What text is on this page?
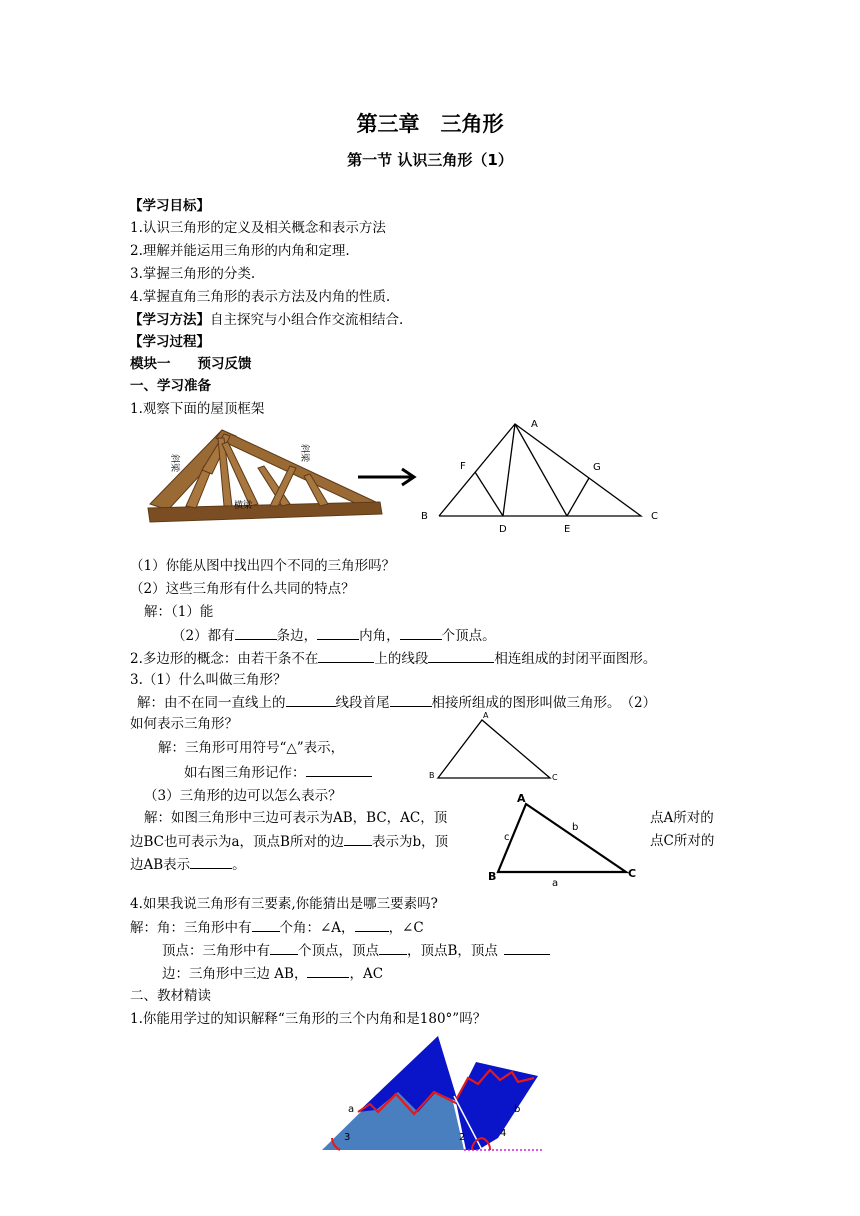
第三章　三角形
第一节 认识三角形（1）
【学习目标】
1.认识三角形的定义及相关概念和表示方法
2.理解并能运用三角形的内角和定理.
3.掌握三角形的分类.
4.掌握直角三角形的表示方法及内角的性质.
【学习方法】自主探究与小组合作交流相结合.
【学习过程】
模块一　　预习反馈
一、学习准备
1.观察下面的屋顶框架
斜梁
斜梁
横梁
A
F	G
B
D	E
C
（1）你能从图中找出四个不同的三角形吗？
（2）这些三角形有什么共同的特点？
解：（1）能
（2）都有	条边，	内角，	个顶点。
2.多边形的概念：由若干条不在	上的线段	相连组成的封闭平面图形。
3.（1）什么叫做三角形？
解：由不在同一直线上的	线段首尾	相接所组成的图形叫做三角形。　（2）
如何表示三角形？
解：三角形可用符号“△”表示，
如右图三角形记作：
A
B	C
（3）三角形的边可以怎么表示？
解：如图三角形中三边可表示为AB，BC，AC，顶	点A所对的
边BC也可表示为a，顶点B所对的边 表示为b，顶	点C所对的
边AB表示	。
A
B	C
c
b
a
4.如果我说三角形有三要素,你能猜出是哪三要素吗?
解：角：三角形中有 个角：∠A，	，∠C
顶点：三角形中有 个顶点，顶点 ，顶点B，顶点
边：三角形中三边 AB，	，AC
二、教材精读
1.你能用学过的知识解释“三角形的三个内角和是180°”吗？
a	b
3	2	4
